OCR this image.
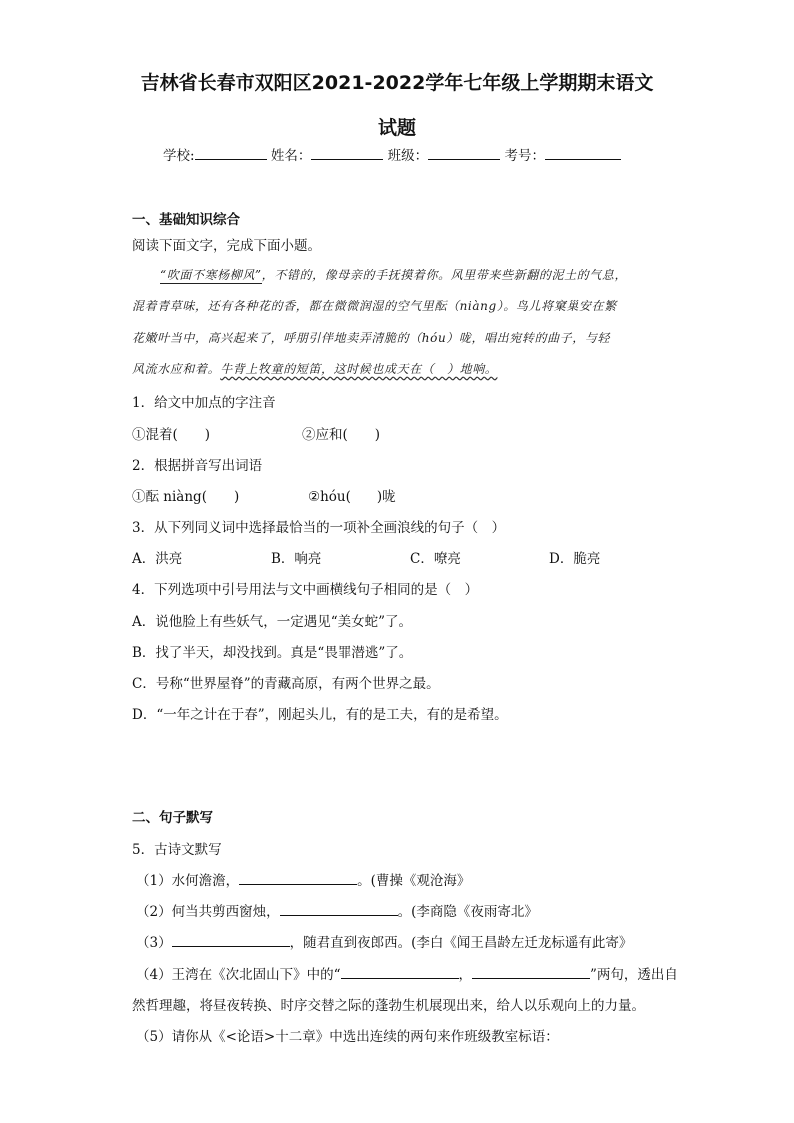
吉林省长春市双阳区2021-2022学年七年级上学期期末语文
试题
学校:	姓名：	班级：	考号：
一、基础知识综合
阅读下面文字，完成下面小题。
“吹面不寒杨柳风”，不错的，像母亲的手抚摸着你。风里带来些新翻的泥土的气息，
混着青草味，还有各种花的香，都在微微润湿的空气里酝（niàng）。鸟儿将窠巢安在繁
花嫩叶当中，高兴起来了，呼朋引伴地卖弄清脆的（hóu）咙，唱出宛转的曲子，与轻
风流水应和着。牛背上牧童的短笛，这时候也成天在（　）地响。
1．给文中加点的字注音
①混着(　　)	②应和(　　)
2．根据拼音写出词语
①酝 niàng(　　)	②hóu( )咙
3．从下列同义词中选择最恰当的一项补全画浪线的句子（　）
A．洪亮	B．响亮	C．嘹亮	D．脆亮
4．下列选项中引号用法与文中画横线句子相同的是（　）
A．说他脸上有些妖气，一定遇见“美女蛇”了。
B．找了半天，却没找到。真是“畏罪潜逃”了。
C．号称“世界屋脊”的青藏高原，有两个世界之最。
D．“一年之计在于春”，刚起头儿，有的是工夫，有的是希望。
二、句子默写
5．古诗文默写
（1）水何澹澹，	。(曹操《观沧海》
（2）何当共剪西窗烛，	。(李商隐《夜雨寄北》
（3）	，随君直到夜郎西。(李白《闻王昌龄左迁龙标遥有此寄》
（4）王湾在《次北固山下》中的“	，	”两句，透出自
然哲理趣，将昼夜转换、时序交替之际的蓬勃生机展现出来，给人以乐观向上的力量。
（5）请你从《<论语>十二章》中选出连续的两句来作班级教室标语：
